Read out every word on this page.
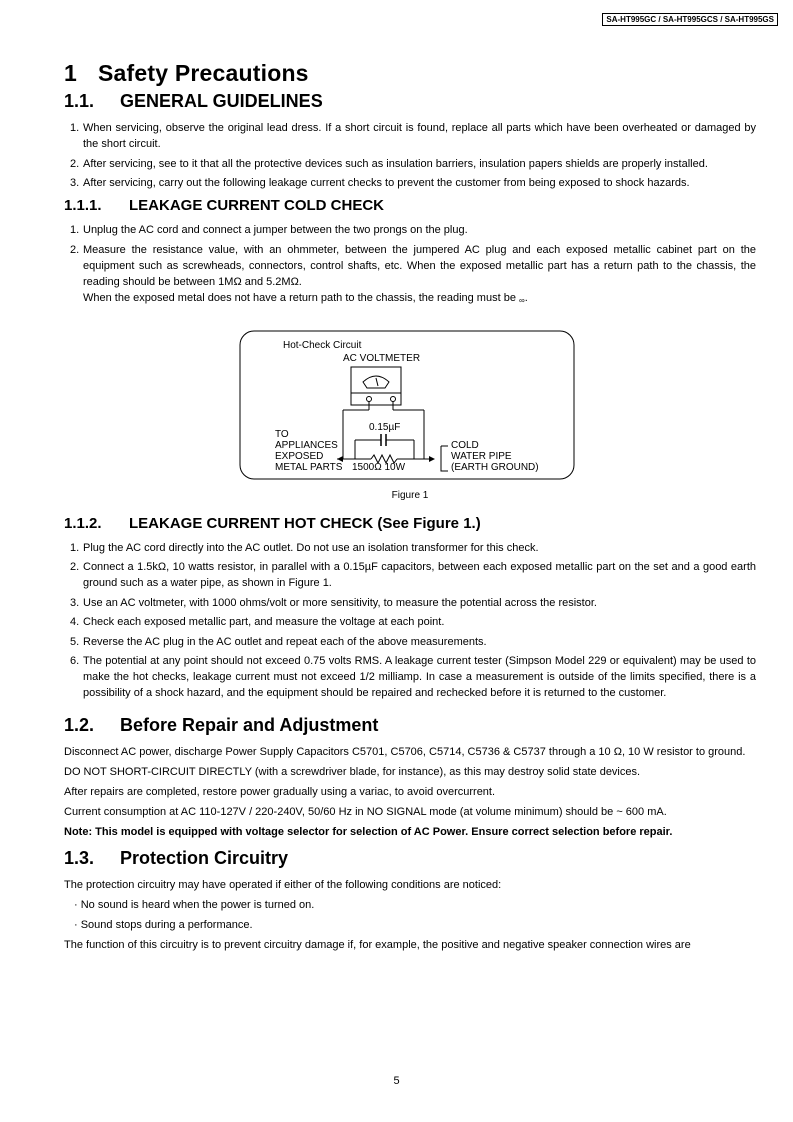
SA-HT995GC / SA-HT995GCS / SA-HT995GS
1 Safety Precautions
1.1. GENERAL GUIDELINES
1. When servicing, observe the original lead dress. If a short circuit is found, replace all parts which have been overheated or damaged by the short circuit.
2. After servicing, see to it that all the protective devices such as insulation barriers, insulation papers shields are properly installed.
3. After servicing, carry out the following leakage current checks to prevent the customer from being exposed to shock hazards.
1.1.1. LEAKAGE CURRENT COLD CHECK
1. Unplug the AC cord and connect a jumper between the two prongs on the plug.
2. Measure the resistance value, with an ohmmeter, between the jumpered AC plug and each exposed metallic cabinet part on the equipment such as screwheads, connectors, control shafts, etc. When the exposed metallic part has a return path to the chassis, the reading should be between 1MΩ and 5.2MΩ.
When the exposed metal does not have a return path to the chassis, the reading must be ∞.
Hot-Check Circuit
AC VOLTMETER
0.15µF
TO
APPLIANCES
EXPOSED
METAL PARTS 1500Ω 10W
COLD
WATER PIPE
(EARTH GROUND)
Figure 1
1.1.2. LEAKAGE CURRENT HOT CHECK (See Figure 1.)
1. Plug the AC cord directly into the AC outlet. Do not use an isolation transformer for this check.
2. Connect a 1.5kΩ, 10 watts resistor, in parallel with a 0.15µF capacitors, between each exposed metallic part on the set and a good earth ground such as a water pipe, as shown in Figure 1.
3. Use an AC voltmeter, with 1000 ohms/volt or more sensitivity, to measure the potential across the resistor.
4. Check each exposed metallic part, and measure the voltage at each point.
5. Reverse the AC plug in the AC outlet and repeat each of the above measurements.
6. The potential at any point should not exceed 0.75 volts RMS. A leakage current tester (Simpson Model 229 or equivalent) may be used to make the hot checks, leakage current must not exceed 1/2 milliamp. In case a measurement is outside of the limits specified, there is a possibility of a shock hazard, and the equipment should be repaired and rechecked before it is returned to the customer.
1.2. Before Repair and Adjustment

Disconnect AC power, discharge Power Supply Capacitors C5701, C5706, C5714, C5736 & C5737 through a 10 Ω, 10 W resistor to ground.

DO NOT SHORT-CIRCUIT DIRECTLY (with a screwdriver blade, for instance), as this may destroy solid state devices.

After repairs are completed, restore power gradually using a variac, to avoid overcurrent.

Current consumption at AC 110-127V / 220-240V, 50/60 Hz in NO SIGNAL mode (at volume minimum) should be ~ 600 mA.

Note: This model is equipped with voltage selector for selection of AC Power. Ensure correct selection before repair.

1.3. Protection Circuitry

The protection circuitry may have operated if either of the following conditions are noticed:

· No sound is heard when the power is turned on.

· Sound stops during a performance.

The function of this circuitry is to prevent circuitry damage if, for example, the positive and negative speaker connection wires are

5
